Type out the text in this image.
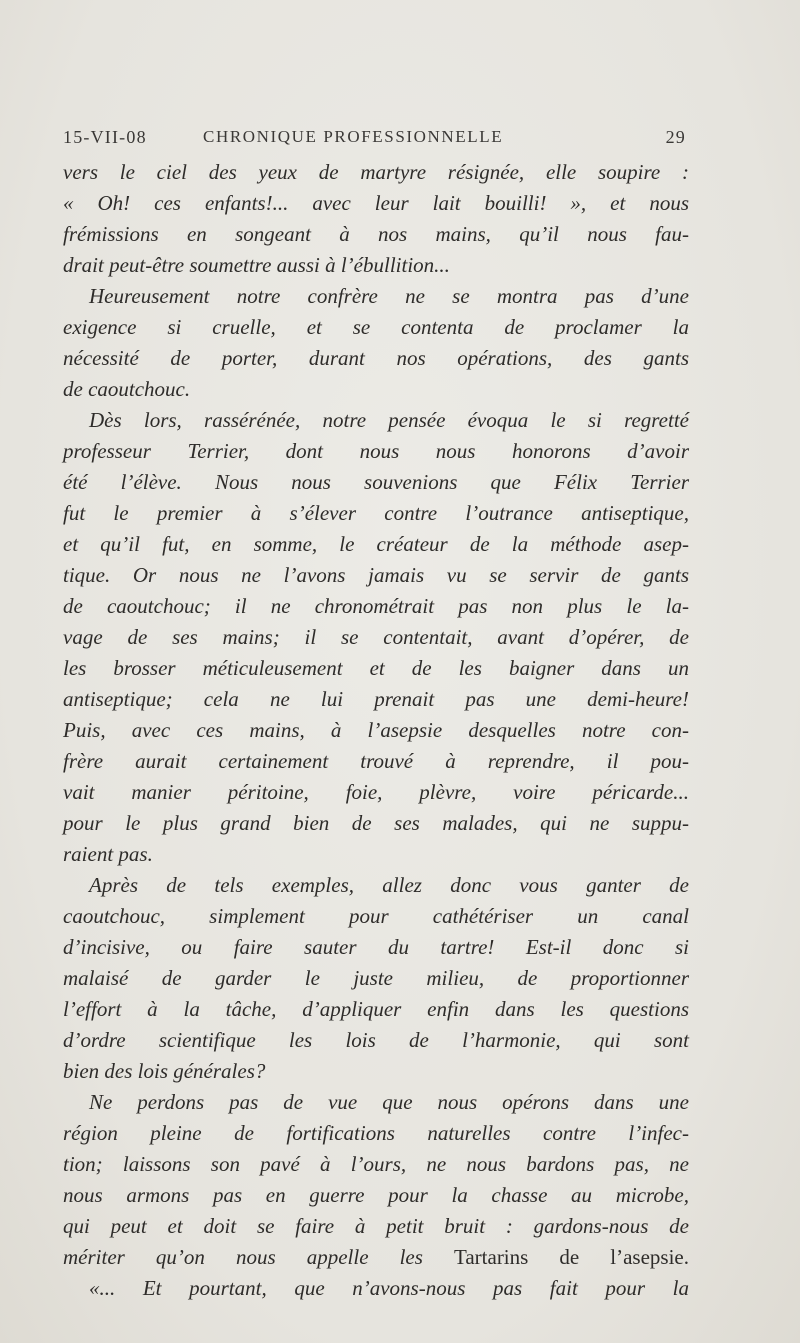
15-VII-08	CHRONIQUE PROFESSIONNELLE	29
vers le ciel des yeux de martyre résignée, elle soupire :
« Oh! ces enfants!... avec leur lait bouilli! », et nous
frémissions en songeant à nos mains, qu’il nous fau-
drait peut-être soumettre aussi à l’ébullition...
Heureusement notre confrère ne se montra pas d’une
exigence si cruelle, et se contenta de proclamer la
nécessité de porter, durant nos opérations, des gants
de caoutchouc.
Dès lors, rassérénée, notre pensée évoqua le si regretté
professeur Terrier, dont nous nous honorons d’avoir
été l’élève. Nous nous souvenions que Félix Terrier
fut le premier à s’élever contre l’outrance antiseptique,
et qu’il fut, en somme, le créateur de la méthode asep-
tique. Or nous ne l’avons jamais vu se servir de gants
de caoutchouc; il ne chronométrait pas non plus le la-
vage de ses mains; il se contentait, avant d’opérer, de
les brosser méticuleusement et de les baigner dans un
antiseptique; cela ne lui prenait pas une demi-heure!
Puis, avec ces mains, à l’asepsie desquelles notre con-
frère aurait certainement trouvé à reprendre, il pou-
vait manier péritoine, foie, plèvre, voire péricarde...
pour le plus grand bien de ses malades, qui ne suppu-
raient pas.
Après de tels exemples, allez donc vous ganter de
caoutchouc, simplement pour cathétériser un canal
d’incisive, ou faire sauter du tartre! Est-il donc si
malaisé de garder le juste milieu, de proportionner
l’effort à la tâche, d’appliquer enfin dans les questions
d’ordre scientifique les lois de l’harmonie, qui sont
bien des lois générales?
Ne perdons pas de vue que nous opérons dans une
région pleine de fortifications naturelles contre l’infec-
tion; laissons son pavé à l’ours, ne nous bardons pas, ne
nous armons pas en guerre pour la chasse au microbe,
qui peut et doit se faire à petit bruit : gardons-nous de
mériter qu’on nous appelle les Tartarins de l’asepsie.
«... Et pourtant, que n’avons-nous pas fait pour la
